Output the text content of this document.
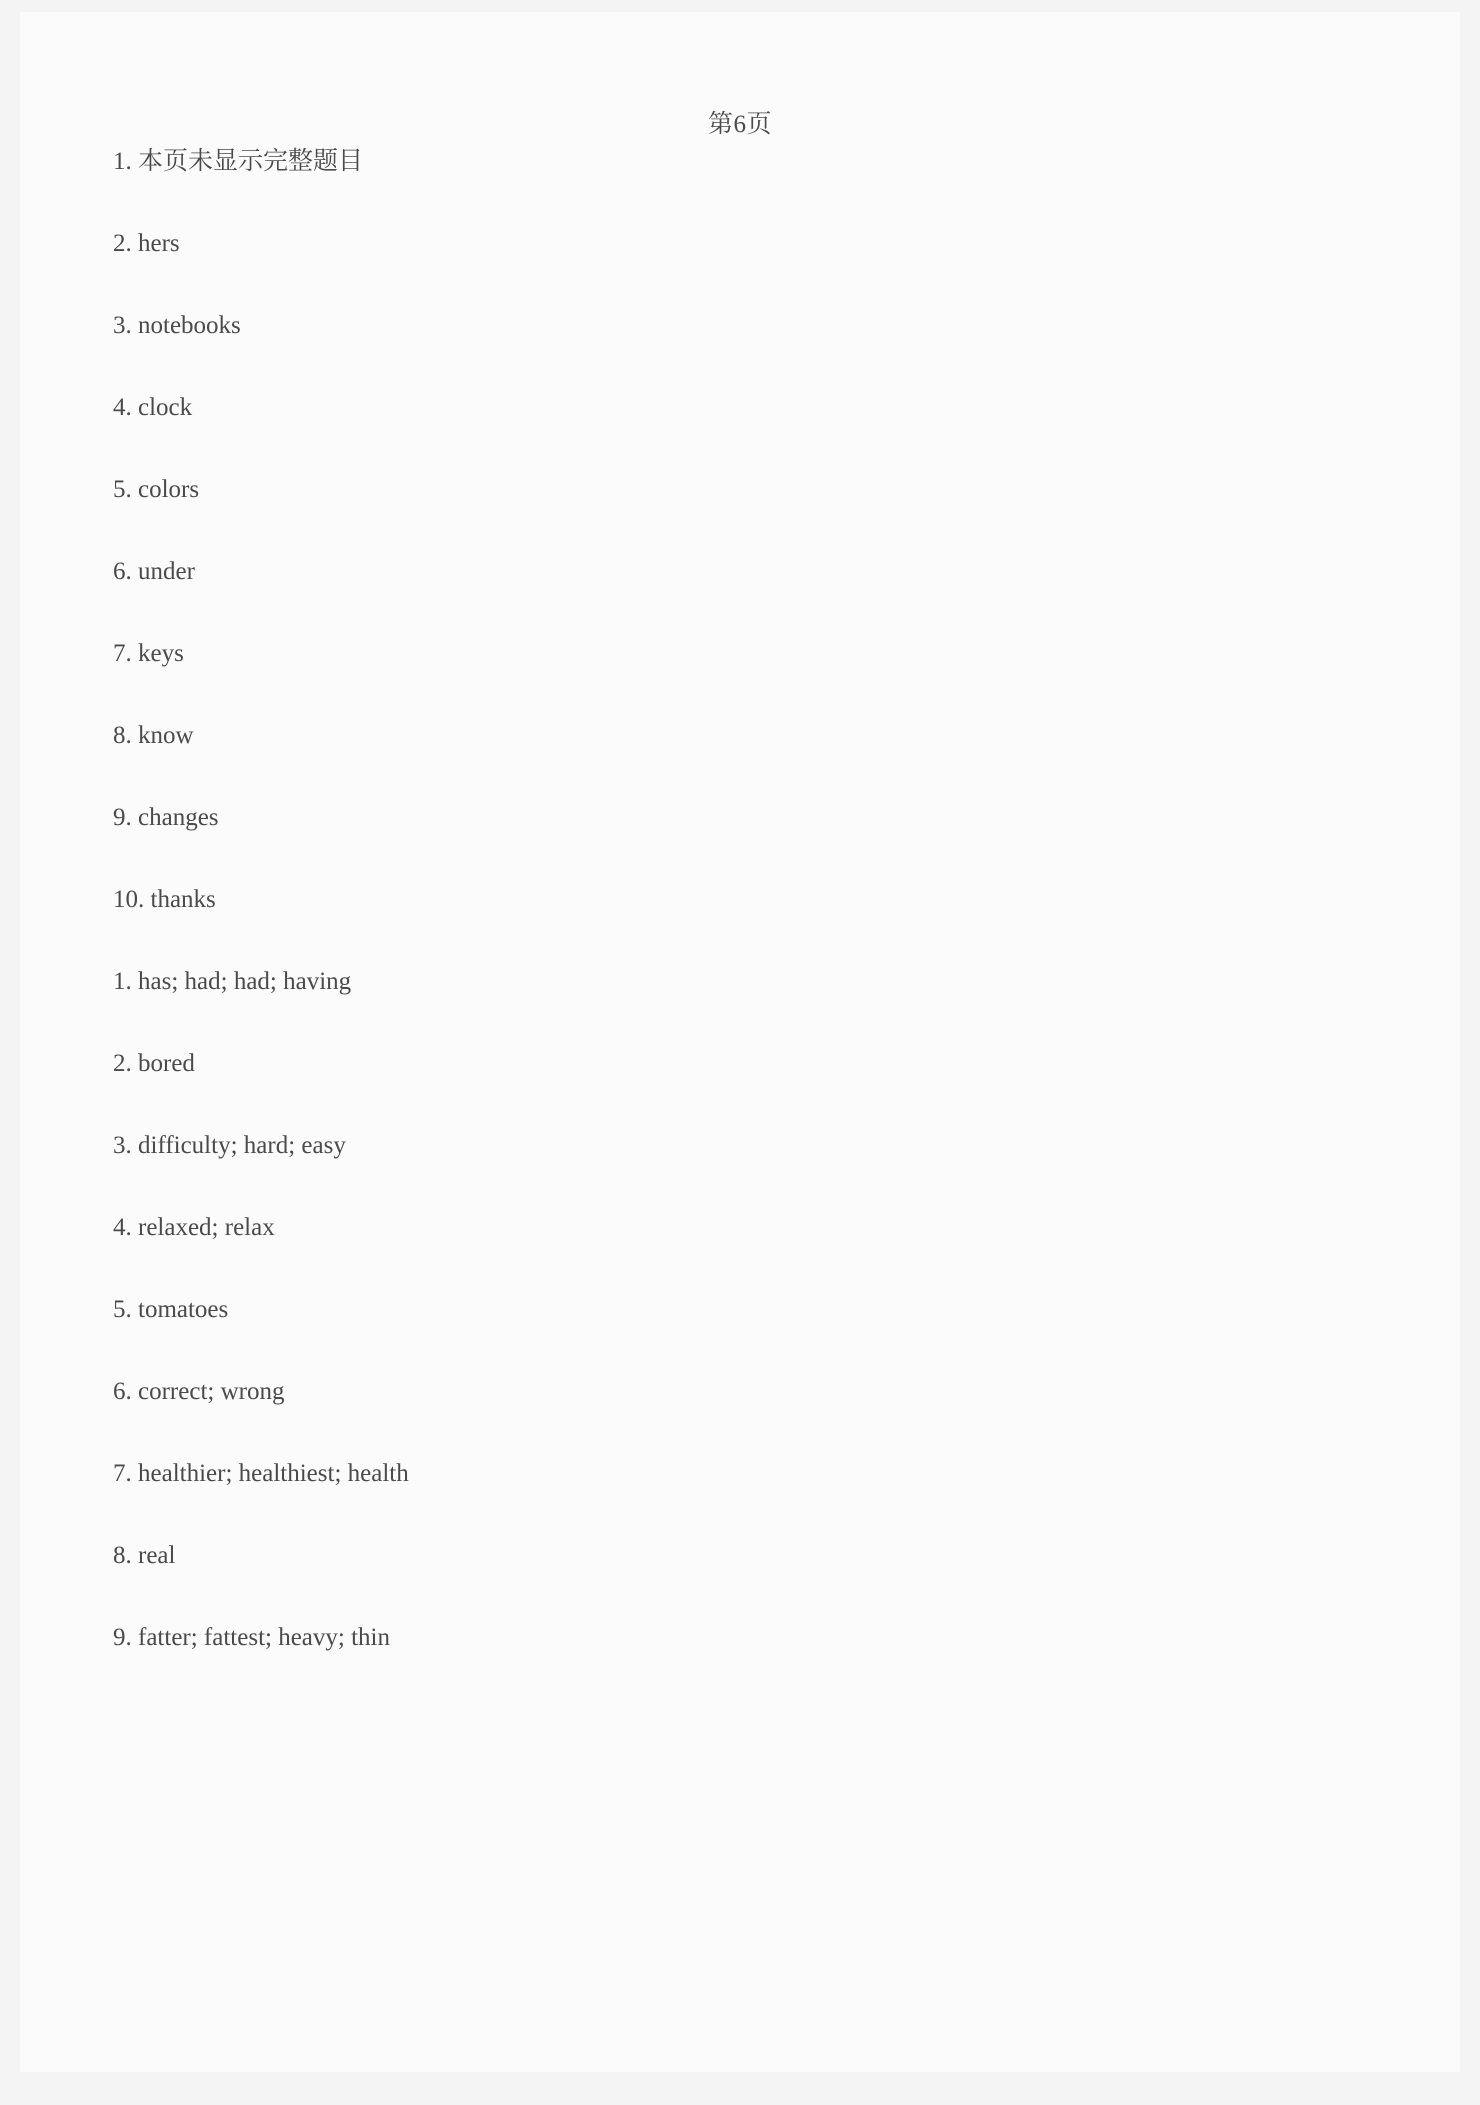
第6页
1. 本页未显示完整题目
2. hers
3. notebooks
4. clock
5. colors
6. under
7. keys
8. know
9. changes
10. thanks
1. has; had; had; having
2. bored
3. difficulty; hard; easy
4. relaxed; relax
5. tomatoes
6. correct; wrong
7. healthier; healthiest; health
8. real
9. fatter; fattest; heavy; thin
